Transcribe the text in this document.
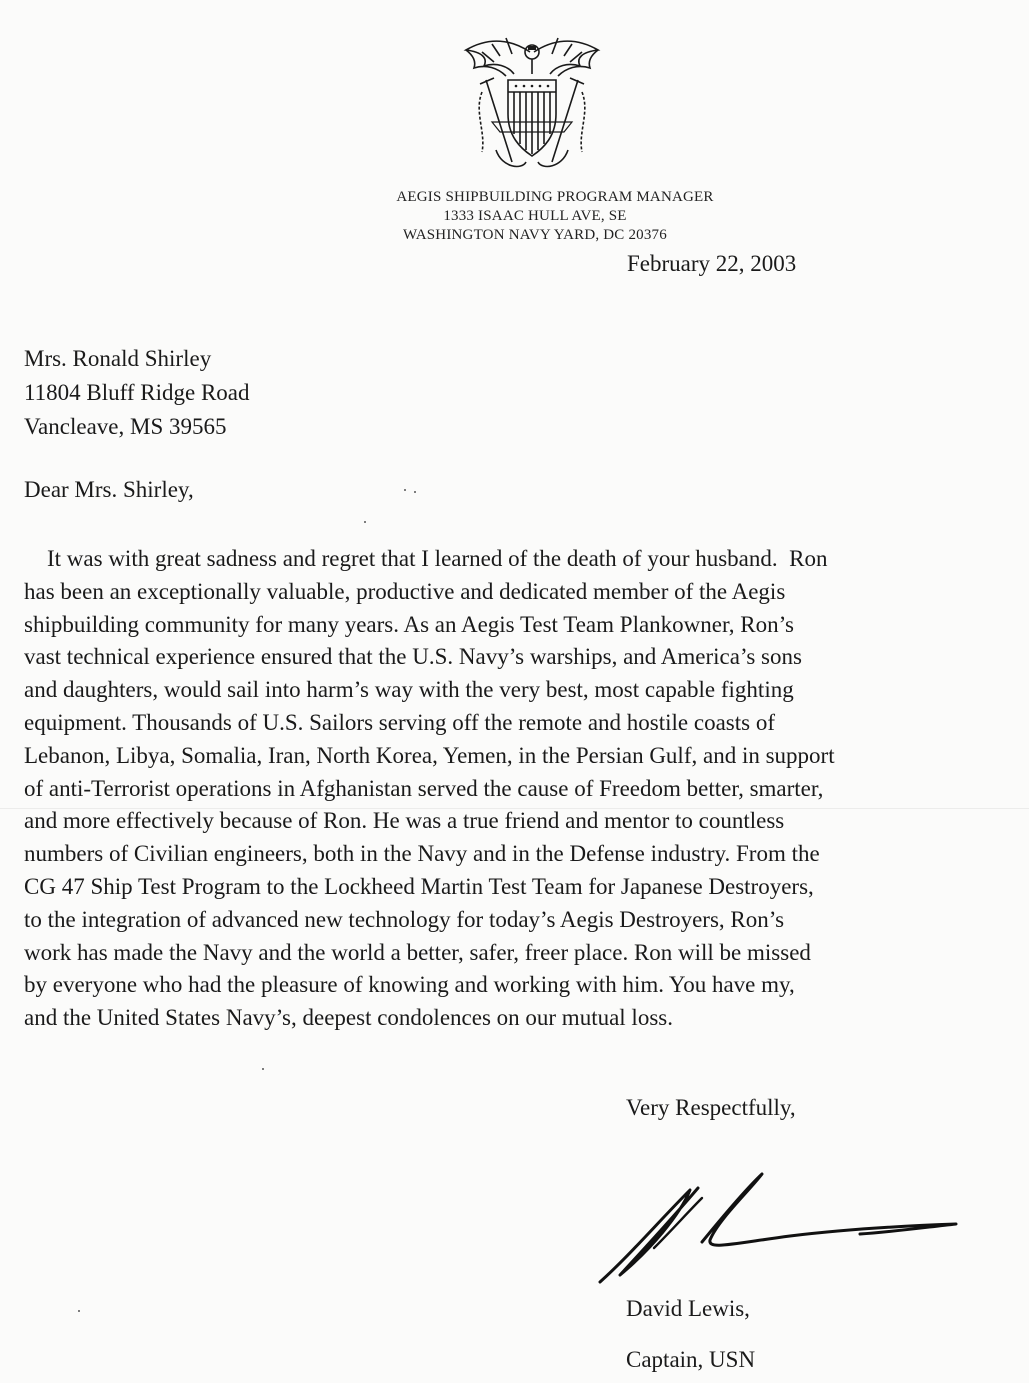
AEGIS SHIPBUILDING PROGRAM MANAGER
1333 ISAAC HULL AVE, SE
WASHINGTON NAVY YARD, DC 20376
February 22, 2003
Mrs. Ronald Shirley
11804 Bluff Ridge Road
Vancleave, MS 39565
Dear Mrs. Shirley,
It was with great sadness and regret that I learned of the death of your husband.  Ron
has been an exceptionally valuable, productive and dedicated member of the Aegis
shipbuilding community for many years. As an Aegis Test Team Plankowner, Ron’s
vast technical experience ensured that the U.S. Navy’s warships, and America’s sons
and daughters, would sail into harm’s way with the very best, most capable fighting
equipment. Thousands of U.S. Sailors serving off the remote and hostile coasts of
Lebanon, Libya, Somalia, Iran, North Korea, Yemen, in the Persian Gulf, and in support
of anti-Terrorist operations in Afghanistan served the cause of Freedom better, smarter,
and more effectively because of Ron. He was a true friend and mentor to countless
numbers of Civilian engineers, both in the Navy and in the Defense industry. From the
CG 47 Ship Test Program to the Lockheed Martin Test Team for Japanese Destroyers,
to the integration of advanced new technology for today’s Aegis Destroyers, Ron’s
work has made the Navy and the world a better, safer, freer place. Ron will be missed
by everyone who had the pleasure of knowing and working with him. You have my,
and the United States Navy’s, deepest condolences on our mutual loss.
Very Respectfully,
David Lewis,
Captain, USN
